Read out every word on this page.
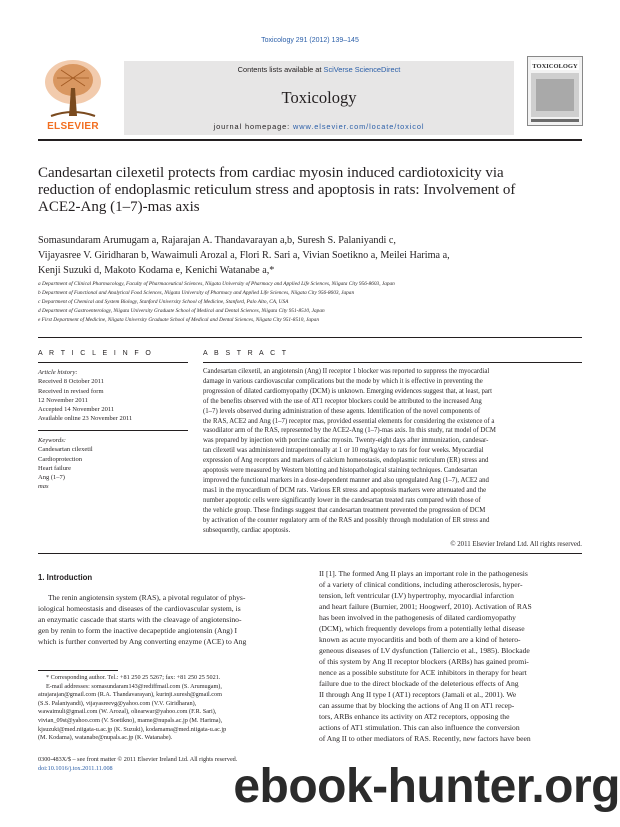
Toxicology 291 (2012) 139–145
Contents lists available at SciVerse ScienceDirect
Toxicology
journal homepage: www.elsevier.com/locate/toxicol
ELSEVIER
TOXICOLOGY
Candesartan cilexetil protects from cardiac myosin induced cardiotoxicity via
reduction of endoplasmic reticulum stress and apoptosis in rats: Involvement of
ACE2-Ang (1–7)-mas axis
Somasundaram Arumugam a, Rajarajan A. Thandavarayan a,b, Suresh S. Palaniyandi c,
Vijayasree V. Giridharan b, Wawaimuli Arozal a, Flori R. Sari a, Vivian Soetikno a, Meilei Harima a,
Kenji Suzuki d, Makoto Kodama e, Kenichi Watanabe a,*
a Department of Clinical Pharmacology, Faculty of Pharmaceutical Sciences, Niigata University of Pharmacy and Applied Life Sciences, Niigata City 956-8603, Japan
b Department of Functional and Analytical Food Sciences, Niigata University of Pharmacy and Applied Life Sciences, Niigata City 956-8603, Japan
c Department of Chemical and System Biology, Stanford University School of Medicine, Stanford, Palo Alto, CA, USA
d Department of Gastroenterology, Niigata University Graduate School of Medical and Dental Sciences, Niigata City 951-8510, Japan
e First Department of Medicine, Niigata University Graduate School of Medical and Dental Sciences, Niigata City 951-8510, Japan
A R T I C L E I N F O
Article history:
Received 8 October 2011
Received in revised form
12 November 2011
Accepted 14 November 2011
Available online 23 November 2011
Keywords:
Candesartan cilexetil
Cardioprotection
Heart failure
Ang (1–7)
mas
A B S T R A C T
Candesartan cilexetil, an angiotensin (Ang) II receptor 1 blocker was reported to suppress the myocardial
damage in various cardiovascular complications but the mode by which it is effective in preventing the
progression of dilated cardiomyopathy (DCM) is unknown. Emerging evidences suggest that, at least, part
of the benefits observed with the use of AT1 receptor blockers could be attributed to the increased Ang
(1–7) levels observed during administration of these agents. Identification of the novel components of
the RAS, ACE2 and Ang (1–7) receptor mas, provided essential elements for considering the existence of a
vasodilator arm of the RAS, represented by the ACE2-Ang (1–7)-mas axis. In this study, rat model of DCM
was prepared by injection with porcine cardiac myosin. Twenty-eight days after immunization, candesar-
tan cilexetil was administered intraperitoneally at 1 or 10 mg/kg/day to rats for four weeks. Myocardial
expression of Ang receptors and markers of calcium homeostasis, endoplasmic reticulum (ER) stress and
apoptosis were measured by Western blotting and histopathological staining techniques. Candesartan
improved the functional markers in a dose-dependent manner and also upregulated Ang (1–7), ACE2 and
mas1 in the myocardium of DCM rats. Various ER stress and apoptosis markers were attenuated and the
number apoptotic cells were significantly lower in the candesartan treated rats compared with those of
the vehicle group. These findings suggest that candesartan treatment prevented the progression of DCM
by activation of the counter regulatory arm of the RAS and possibly through modulation of ER stress and
subsequently, cardiac apoptosis.
© 2011 Elsevier Ireland Ltd. All rights reserved.
1. Introduction
The renin angiotensin system (RAS), a pivotal regulator of phys-
iological homeostasis and diseases of the cardiovascular system, is
an enzymatic cascade that starts with the cleavage of angiotensino-
gen by renin to form the inactive decapeptide angiotensin (Ang) I
which is further converted by Ang converting enzyme (ACE) to Ang
II [1]. The formed Ang II plays an important role in the pathogenesis
of a variety of clinical conditions, including atherosclerosis, hyper-
tension, left ventricular (LV) hypertrophy, myocardial infarction
and heart failure (Burnier, 2001; Hoogwerf, 2010). Activation of RAS
has been involved in the pathogenesis of dilated cardiomyopathy
(DCM), which frequently develops from a potentially lethal disease
known as acute myocarditis and both of them are a kind of hetero-
geneous diseases of LV dysfunction (Taliercio et al., 1985). Blockade
of this system by Ang II receptor blockers (ARBs) has gained promi-
nence as a possible substitute for ACE inhibitors in therapy for heart
failure due to the direct blockade of the deleterious effects of Ang
II through Ang II type I (AT1) receptors (Jamali et al., 2001). We
can assume that by blocking the actions of Ang II on AT1 recep-
tors, ARBs enhance its activity on AT2 receptors, opposing the
actions of AT1 stimulation. This can also influence the conversion
of Ang II to other mediators of RAS. Recently, new factors have been
* Corresponding author. Tel.: +81 250 25 5267; fax: +81 250 25 5021.
E-mail addresses: somasundaram143@rediffmail.com (S. Arumugam),
atrajarajan@gmail.com (R.A. Thandavarayan), kurinji.suresh@gmail.com
(S.S. Palaniyandi), vijayasreevg@yahoo.com (V.V. Giridharan),
wawaimuli@gmail.com (W. Arozal), oliearwar@yahoo.com (F.R. Sari),
vivian_09st@yahoo.com (V. Soetikno), mame@nupals.ac.jp (M. Harima),
kjsuzuki@med.niigata-u.ac.jp (K. Suzuki), kodamama@med.niigata-u.ac.jp
(M. Kodama), watanabe@nupals.ac.jp (K. Watanabe).
0300-483X/$ – see front matter © 2011 Elsevier Ireland Ltd. All rights reserved.
doi:10.1016/j.tox.2011.11.008	ebook-hunter.org
